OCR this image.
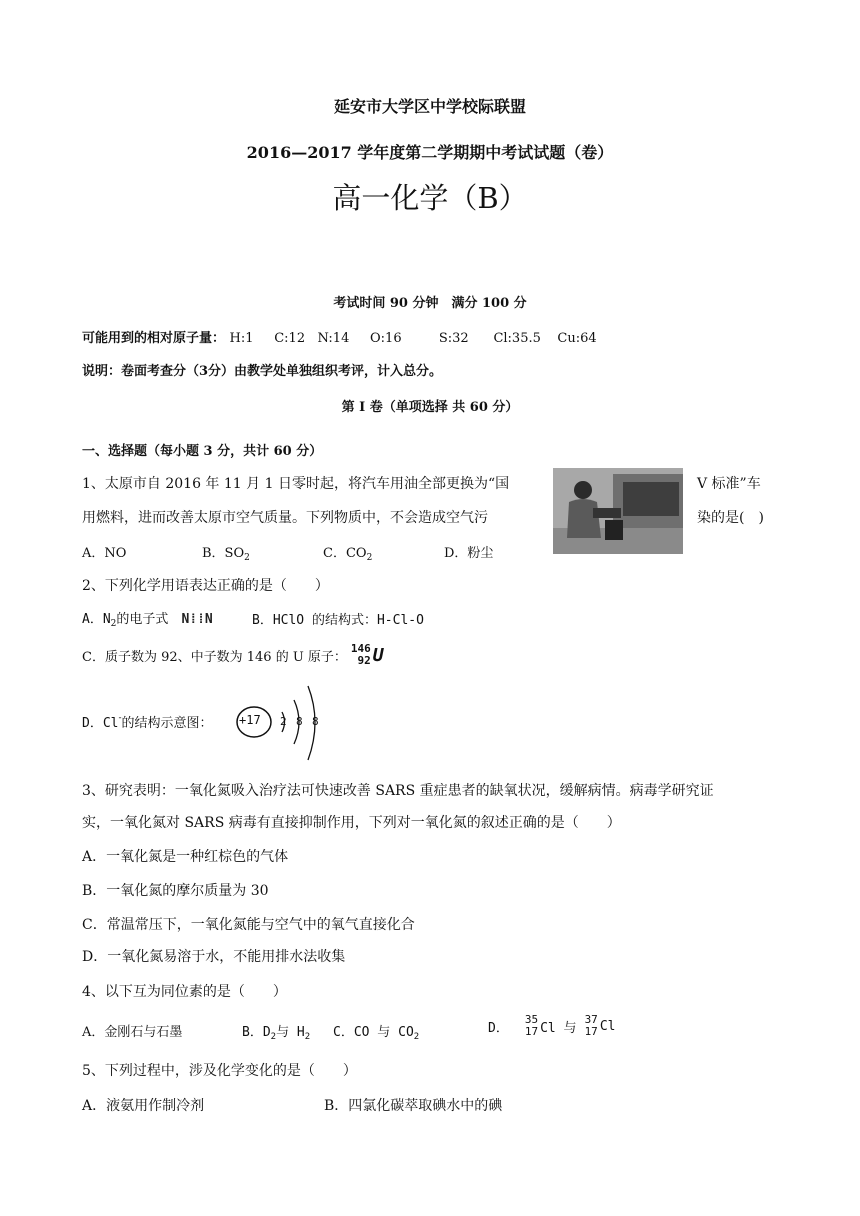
延安市大学区中学校际联盟
2016—2017 学年度第二学期期中考试试题（卷）
高一化学（B）
考试时间 90 分钟　满分 100 分
可能用到的相对原子量： H:1 C:12 N:14 O:16	S:32 Cl:35.5 Cu:64
说明：卷面考查分（3分）由教学处单独组织考评，计入总分。
第 I 卷（单项选择 共 60 分）
一、选择题（每小题 3 分，共计 60 分）
1、太原市自 2016 年 11 月 1 日零时起，将汽车用油全部更换为“国	V 标准”车
用燃料，进而改善太原市空气质量。下列物质中，不会造成空气污	染的是(　)
A．NO	B．$SO_2$	C．$CO_2$	D．粉尘
2、下列化学用语表达正确的是（　　）
A．$N_2$的电子式 N⁞⁞N	B．HClO 的结构式：H-Cl-O
C．质子数为 92、中子数为 146 的 U 原子：
146
92 U
D．Cl-的结构示意图： +17 2 8 8
3、研究表明：一氧化氮吸入治疗法可快速改善 SARS 重症患者的缺氧状况，缓解病情。病毒学研究证
实，一氧化氮对 SARS 病毒有直接抑制作用，下列对一氧化氮的叙述正确的是（　　）
A．一氧化氮是一种红棕色的气体
B．一氧化氮的摩尔质量为 30
C．常温常压下，一氧化氮能与空气中的氧气直接化合
D．一氧化氮易溶于水，不能用排水法收集
4、以下互为同位素的是（　　）
A．金刚石与石墨	B．$D_2$与 $H_2$ C．CO 与 $CO_2$
D．
35
17 Cl 与
37
17 Cl
5、下列过程中，涉及化学变化的是（　　）
A．液氨用作制冷剂	B．四氯化碳萃取碘水中的碘
